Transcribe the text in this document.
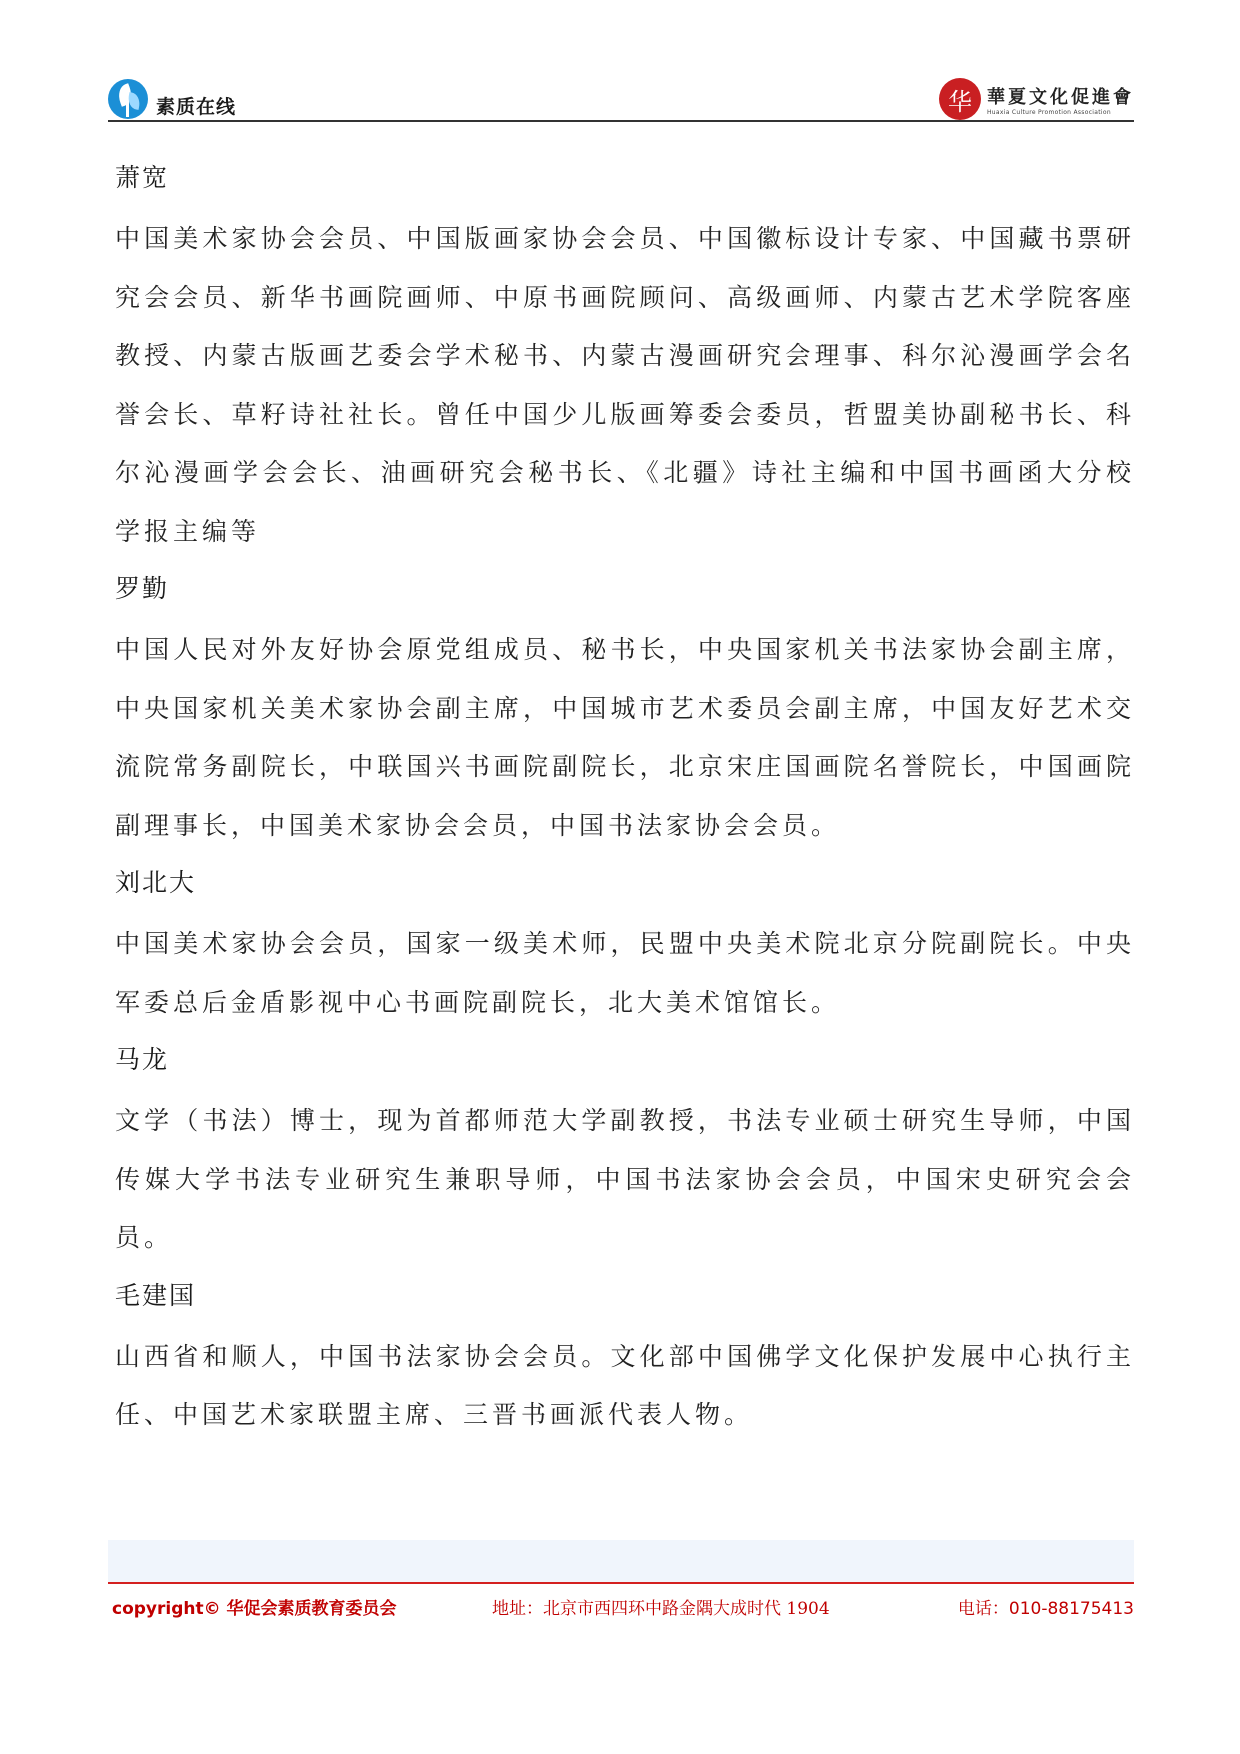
素质在线	华 華夏文化促進會
Huaxia Culture Promotion Association

萧宽

中国美术家协会会员、中国版画家协会会员、中国徽标设计专家、中国藏书票研究会会员、新华书画院画师、中原书画院顾问、高级画师、内蒙古艺术学院客座教授、内蒙古版画艺委会学术秘书、内蒙古漫画研究会理事、科尔沁漫画学会名誉会长、草籽诗社社长。曾任中国少儿版画筹委会委员，哲盟美协副秘书长、科尔沁漫画学会会长、油画研究会秘书长、《北疆》诗社主编和中国书画函大分校学报主编等

罗勤

中国人民对外友好协会原党组成员、秘书长，中央国家机关书法家协会副主席，中央国家机关美术家协会副主席，中国城市艺术委员会副主席，中国友好艺术交流院常务副院长，中联国兴书画院副院长，北京宋庄国画院名誉院长，中国画院副理事长，中国美术家协会会员，中国书法家协会会员。

刘北大

中国美术家协会会员，国家一级美术师，民盟中央美术院北京分院副院长。中央军委总后金盾影视中心书画院副院长，北大美术馆馆长。

马龙

文学（书法）博士，现为首都师范大学副教授，书法专业硕士研究生导师，中国传媒大学书法专业研究生兼职导师，中国书法家协会会员，中国宋史研究会会员。

毛建国

山西省和顺人，中国书法家协会会员。文化部中国佛学文化保护发展中心执行主任、中国艺术家联盟主席、三晋书画派代表人物。

copyright© 华促会素质教育委员会	地址：北京市西四环中路金隅大成时代 1904	电话：010-88175413
